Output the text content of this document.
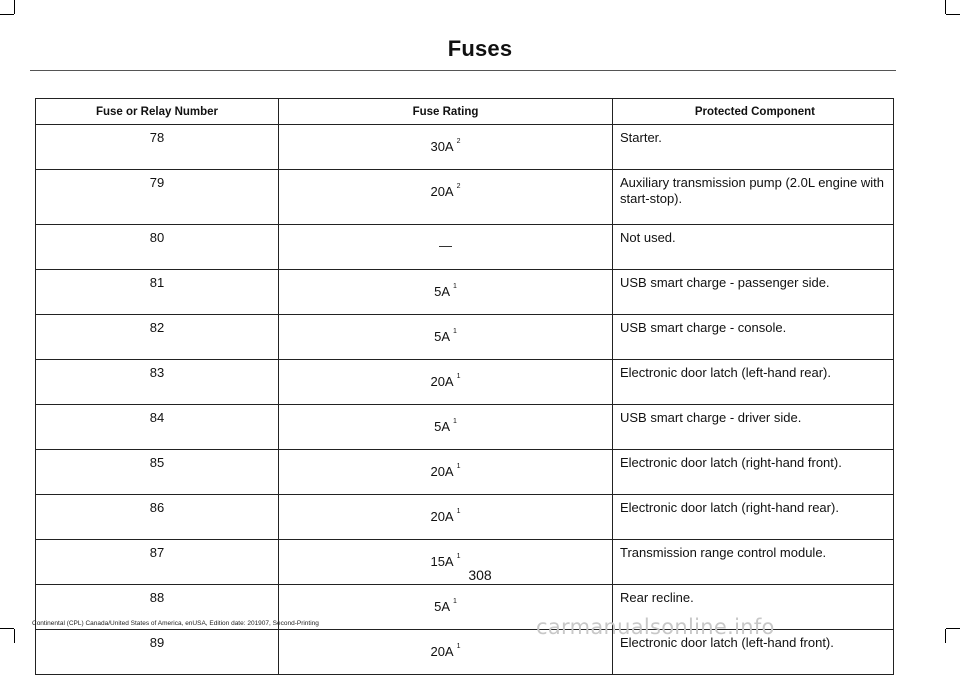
Fuses
Fuse or Relay Number	Fuse Rating	Protected Component
78	30A $^2$	Starter.
79	20A $^2$	Auxiliary transmission pump (2.0L engine with start-stop).
80	—	Not used.
81	5A $^1$	USB smart charge - passenger side.
82	5A $^1$	USB smart charge - console.
83	20A $^1$	Electronic door latch (left-hand rear).
84	5A $^1$	USB smart charge - driver side.
85	20A $^1$	Electronic door latch (right-hand front).
86	20A $^1$	Electronic door latch (right-hand rear).
87	15A $^1$	Transmission range control module.
88	5A $^1$	Rear recline.
89	20A $^1$	Electronic door latch (left-hand front).
308
Continental (CPL) Canada/United States of America, enUSA, Edition date: 201907, Second-Printing	carmanualsonline.info
